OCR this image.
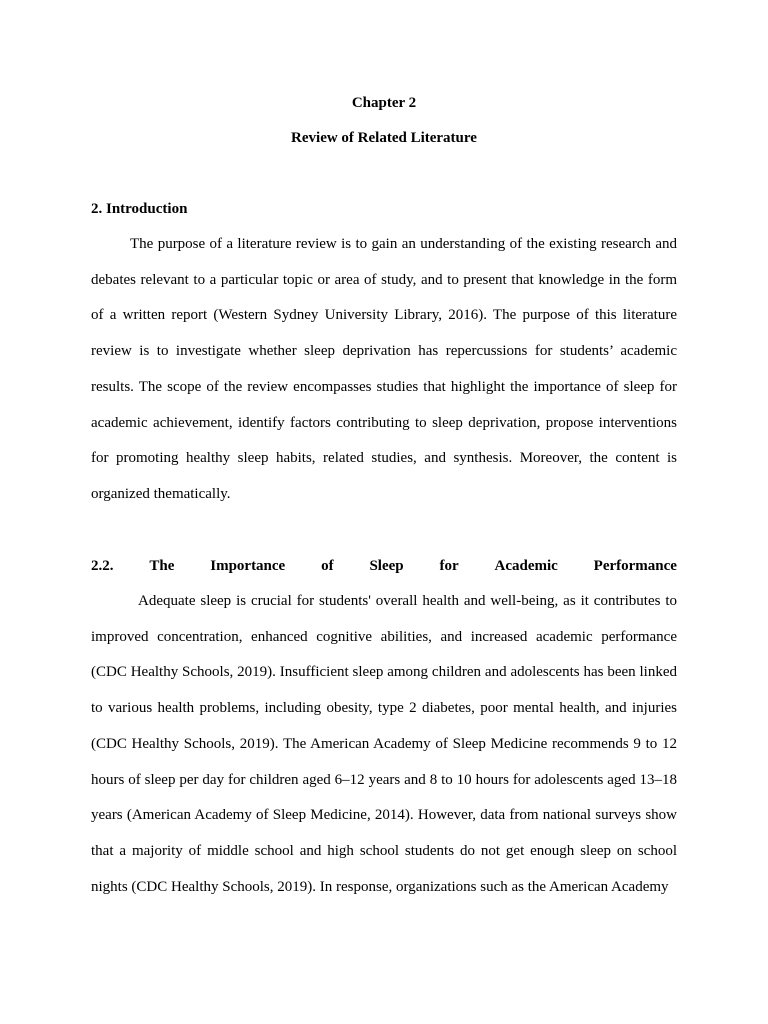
Chapter 2
Review of Related Literature
2. Introduction

The purpose of a literature review is to gain an understanding of the existing research and debates relevant to a particular topic or area of study, and to present that knowledge in the form of a written report (Western Sydney University Library, 2016). The purpose of this literature review is to investigate whether sleep deprivation has repercussions for students’ academic results. The scope of the review encompasses studies that highlight the importance of sleep for academic achievement, identify factors contributing to sleep deprivation, propose interventions for promoting healthy sleep habits, related studies, and synthesis. Moreover, the content is organized thematically.

2.2. The Importance of Sleep for Academic Performance

Adequate sleep is crucial for students' overall health and well-being, as it contributes to improved concentration, enhanced cognitive abilities, and increased academic performance (CDC Healthy Schools, 2019). Insufficient sleep among children and adolescents has been linked to various health problems, including obesity, type 2 diabetes, poor mental health, and injuries (CDC Healthy Schools, 2019). The American Academy of Sleep Medicine recommends 9 to 12 hours of sleep per day for children aged 6–12 years and 8 to 10 hours for adolescents aged 13–18 years (American Academy of Sleep Medicine, 2014). However, data from national surveys show that a majority of middle school and high school students do not get enough sleep on school nights (CDC Healthy Schools, 2019). In response, organizations such as the American Academy
